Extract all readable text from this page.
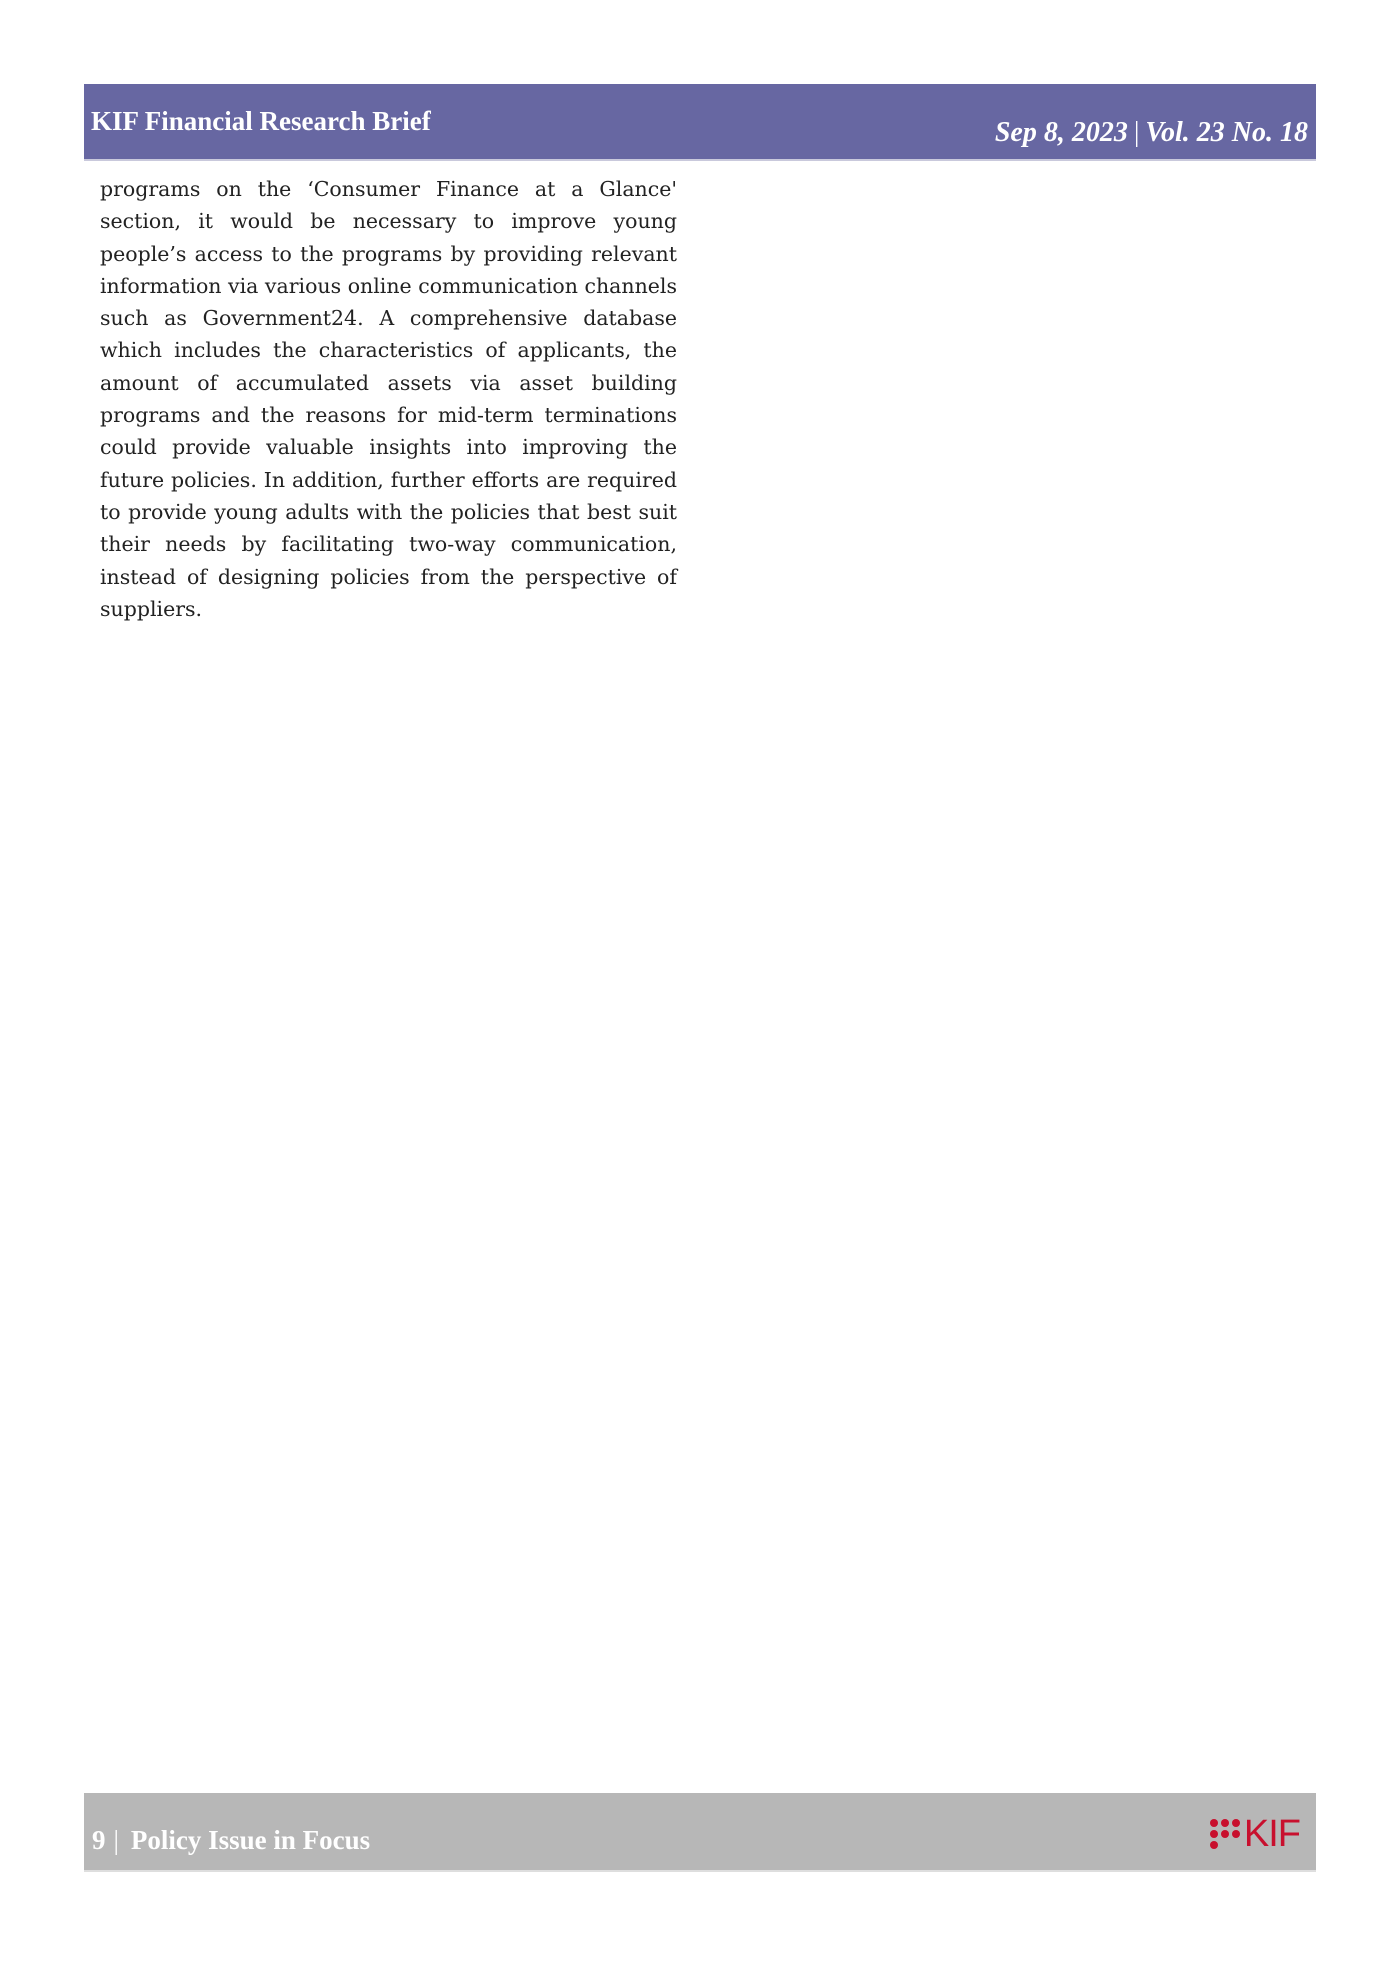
KIF Financial Research Brief	Sep 8, 2023 | Vol. 23 No. 18

programs on the ‘Consumer Finance at a Glance' section, it would be necessary to improve young people’s access to the programs by providing relevant information via various online communication channels such as Government24. A comprehensive database which includes the characteristics of applicants, the amount of accumulated assets via asset building programs and the reasons for mid-term terminations could provide valuable insights into improving the future policies. In addition, further efforts are required to provide young adults with the policies that best suit their needs by facilitating two-way communication, instead of designing policies from the perspective of suppliers.

9 | Policy Issue in Focus	KIF
